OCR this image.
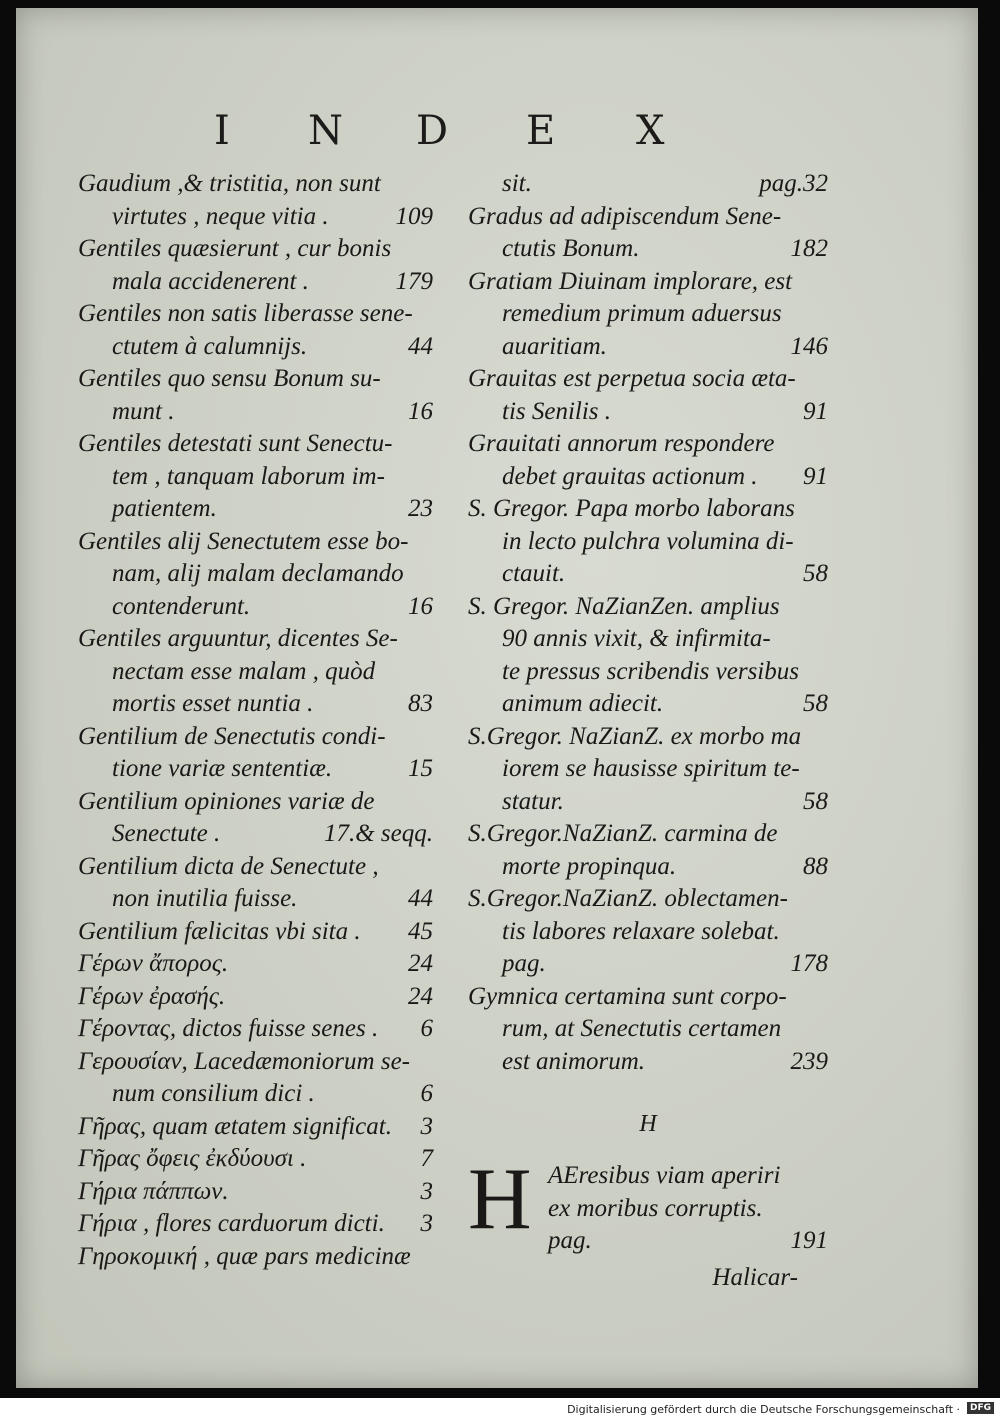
I N D E X
Gaudium ,& tristitia, non sunt
virtutes , neque vitia .	109
Gentiles quæsierunt , cur bonis
mala accidenerent .	179
Gentiles non satis liberasse sene-
ctutem à calumnijs.	44
Gentiles quo sensu Bonum su-
munt .	16
Gentiles detestati sunt Senectu-
tem , tanquam laborum im-
patientem.	23
Gentiles alij Senectutem esse bo-
nam, alij malam declamando
contenderunt.	16
Gentiles arguuntur, dicentes Se-
nectam esse malam , quòd
mortis esset nuntia .	83
Gentilium de Senectutis condi-
tione variæ sententiæ.	15
Gentilium opiniones variæ de
Senectute .	17.& seqq.
Gentilium dicta de Senectute ,
non inutilia fuisse.	44
Gentilium fælicitas vbi sita . 45
Γέρων ἄπορος.	24
Γέρων ἐρασής.	24
Γέροντας, dictos fuisse senes . 6
Γερουσίαν, Lacedæmoniorum se-
num consilium dici .	6
Γῆρας, quam ætatem significat. 3
Γῆρας ὄφεις ἐκδύουσι .	7
Γήρια πάππων.	3
Γήρια , flores carduorum dicti. 3
Γηροκομική , quæ pars medicinæ
sit.	pag.32
Gradus ad adipiscendum Sene-
ctutis Bonum.	182
Gratiam Diuinam implorare, est
remedium primum aduersus
auaritiam.	146
Grauitas est perpetua socia æta-
tis Senilis .	91
Grauitati annorum respondere
debet grauitas actionum . 91
S. Gregor. Papa morbo laborans
in lecto pulchra volumina di-
ctauit.	58
S. Gregor. NaZianZen. amplius
90 annis vixit, & infirmita-
te pressus scribendis versibus
animum adiecit.	58
S.Gregor. NaZianZ. ex morbo ma
iorem se hausisse spiritum te-
statur.	58
S.Gregor.NaZianZ. carmina de
morte propinqua.	88
S.Gregor.NaZianZ. oblectamen-
tis labores relaxare solebat.
pag.	178
Gymnica certamina sunt corpo-
rum, at Senectutis certamen
est animorum.	239
H
H AEresibus viam aperiri
ex moribus corruptis.
pag.	191
Halicar-
Digitalisierung gefördert durch die Deutsche Forschungsgemeinschaft ·	DFG
